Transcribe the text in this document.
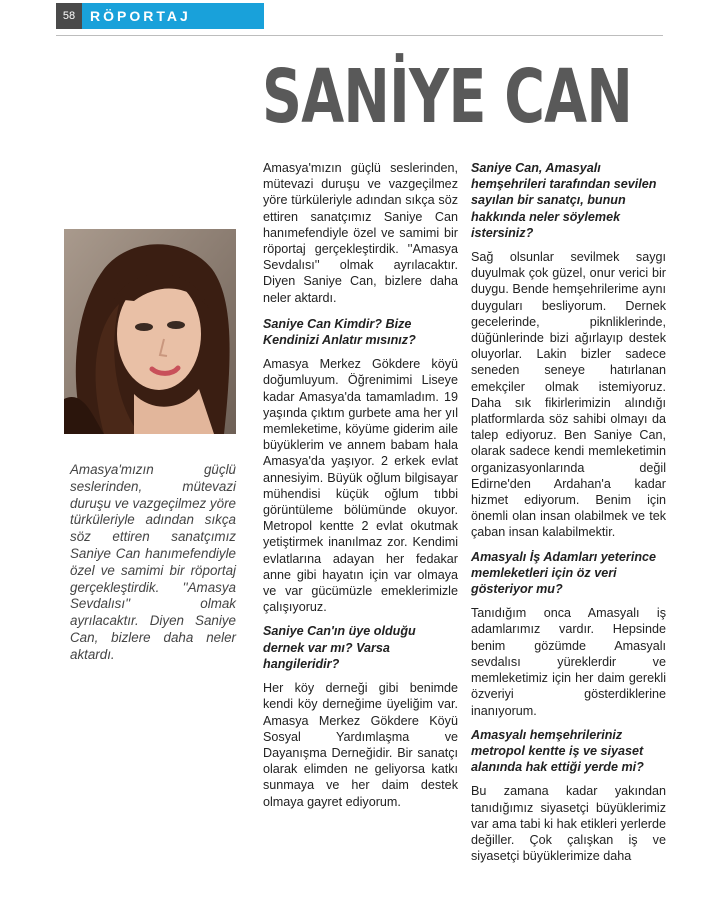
58	RÖPORTAJ
SANİYE CAN
Amasya'mızın güçlü seslerinden, mütevazi duruşu ve vazgeçilmez yöre türküleriyle adından sıkça söz ettiren sanatçımız Saniye Can hanımefendiyle özel ve samimi bir röportaj gerçekleştirdik. ''Amasya Sevdalısı'' olmak ayrılacaktır. Diyen Saniye Can, bizlere daha neler aktardı.

Amasya'mızın güçlü seslerinden, mütevazi duruşu ve vazgeçilmez yöre türküleriyle adından sıkça söz ettiren sanatçımız Saniye Can hanımefendiyle özel ve samimi bir röportaj gerçekleştirdik. ''Amasya Sevdalısı'' olmak ayrılacaktır. Diyen Saniye Can, bizlere daha neler aktardı.

Saniye Can Kimdir? Bize Kendinizi Anlatır mısınız?

Amasya Merkez Gökdere köyü doğumluyum. Öğrenimimi Liseye kadar Amasya'da tamamladım. 19 yaşında çıktım gurbete ama her yıl memleketime, köyüme giderim aile büyüklerim ve annem babam hala Amasya'da yaşıyor. 2 erkek evlat annesiyim. Büyük oğlum bilgisayar mühendisi küçük oğlum tıbbi görüntüleme bölümünde okuyor. Metropol kentte 2 evlat okutmak yetiştirmek inanılmaz zor. Kendimi evlatlarına adayan her fedakar anne gibi hayatın için var olmaya ve var gücümüzle emeklerimizle çalışıyoruz.

Saniye Can'ın üye olduğu dernek var mı? Varsa hangileridir?

Her köy derneği gibi benimde kendi köy derneğime üyeliğim var. Amasya Merkez Gökdere Köyü Sosyal Yardımlaşma ve Dayanışma Derneğidir. Bir sanatçı olarak elimden ne geliyorsa katkı sunmaya ve her daim destek olmaya gayret ediyorum.

Saniye Can, Amasyalı hemşehrileri tarafından sevilen sayılan bir sanatçı, bunun hakkında neler söylemek istersiniz?

Sağ olsunlar sevilmek saygı duyulmak çok güzel, onur verici bir duygu. Bende hemşehrilerime aynı duyguları besliyorum. Dernek gecelerinde, piknliklerinde, düğünlerinde bizi ağırlayıp destek oluyorlar. Lakin bizler sadece seneden seneye hatırlanan emekçiler olmak istemiyoruz. Daha sık fikirlerimizin alındığı platformlarda söz sahibi olmayı da talep ediyoruz. Ben Saniye Can, olarak sadece kendi memleketimin organizasyonlarında değil Edirne'den Ardahan'a kadar hizmet ediyorum. Benim için önemli olan insan olabilmek ve tek çaban insan kalabilmektir.

Amasyalı İş Adamları yeterince memleketleri için öz veri gösteriyor mu?

Tanıdığım onca Amasyalı iş adamlarımız vardır. Hepsinde benim gözümde Amasyalı sevdalısı yüreklerdir ve memleketimiz için her daim gerekli özveriyi gösterdiklerine inanıyorum.

Amasyalı hemşehrileriniz metropol kentte iş ve siyaset alanında hak ettiği yerde mi?

Bu zamana kadar yakından tanıdığımız siyasetçi büyüklerimiz var ama tabi ki hak etikleri yerlerde değiller. Çok çalışkan iş ve siyasetçi büyüklerimize daha
